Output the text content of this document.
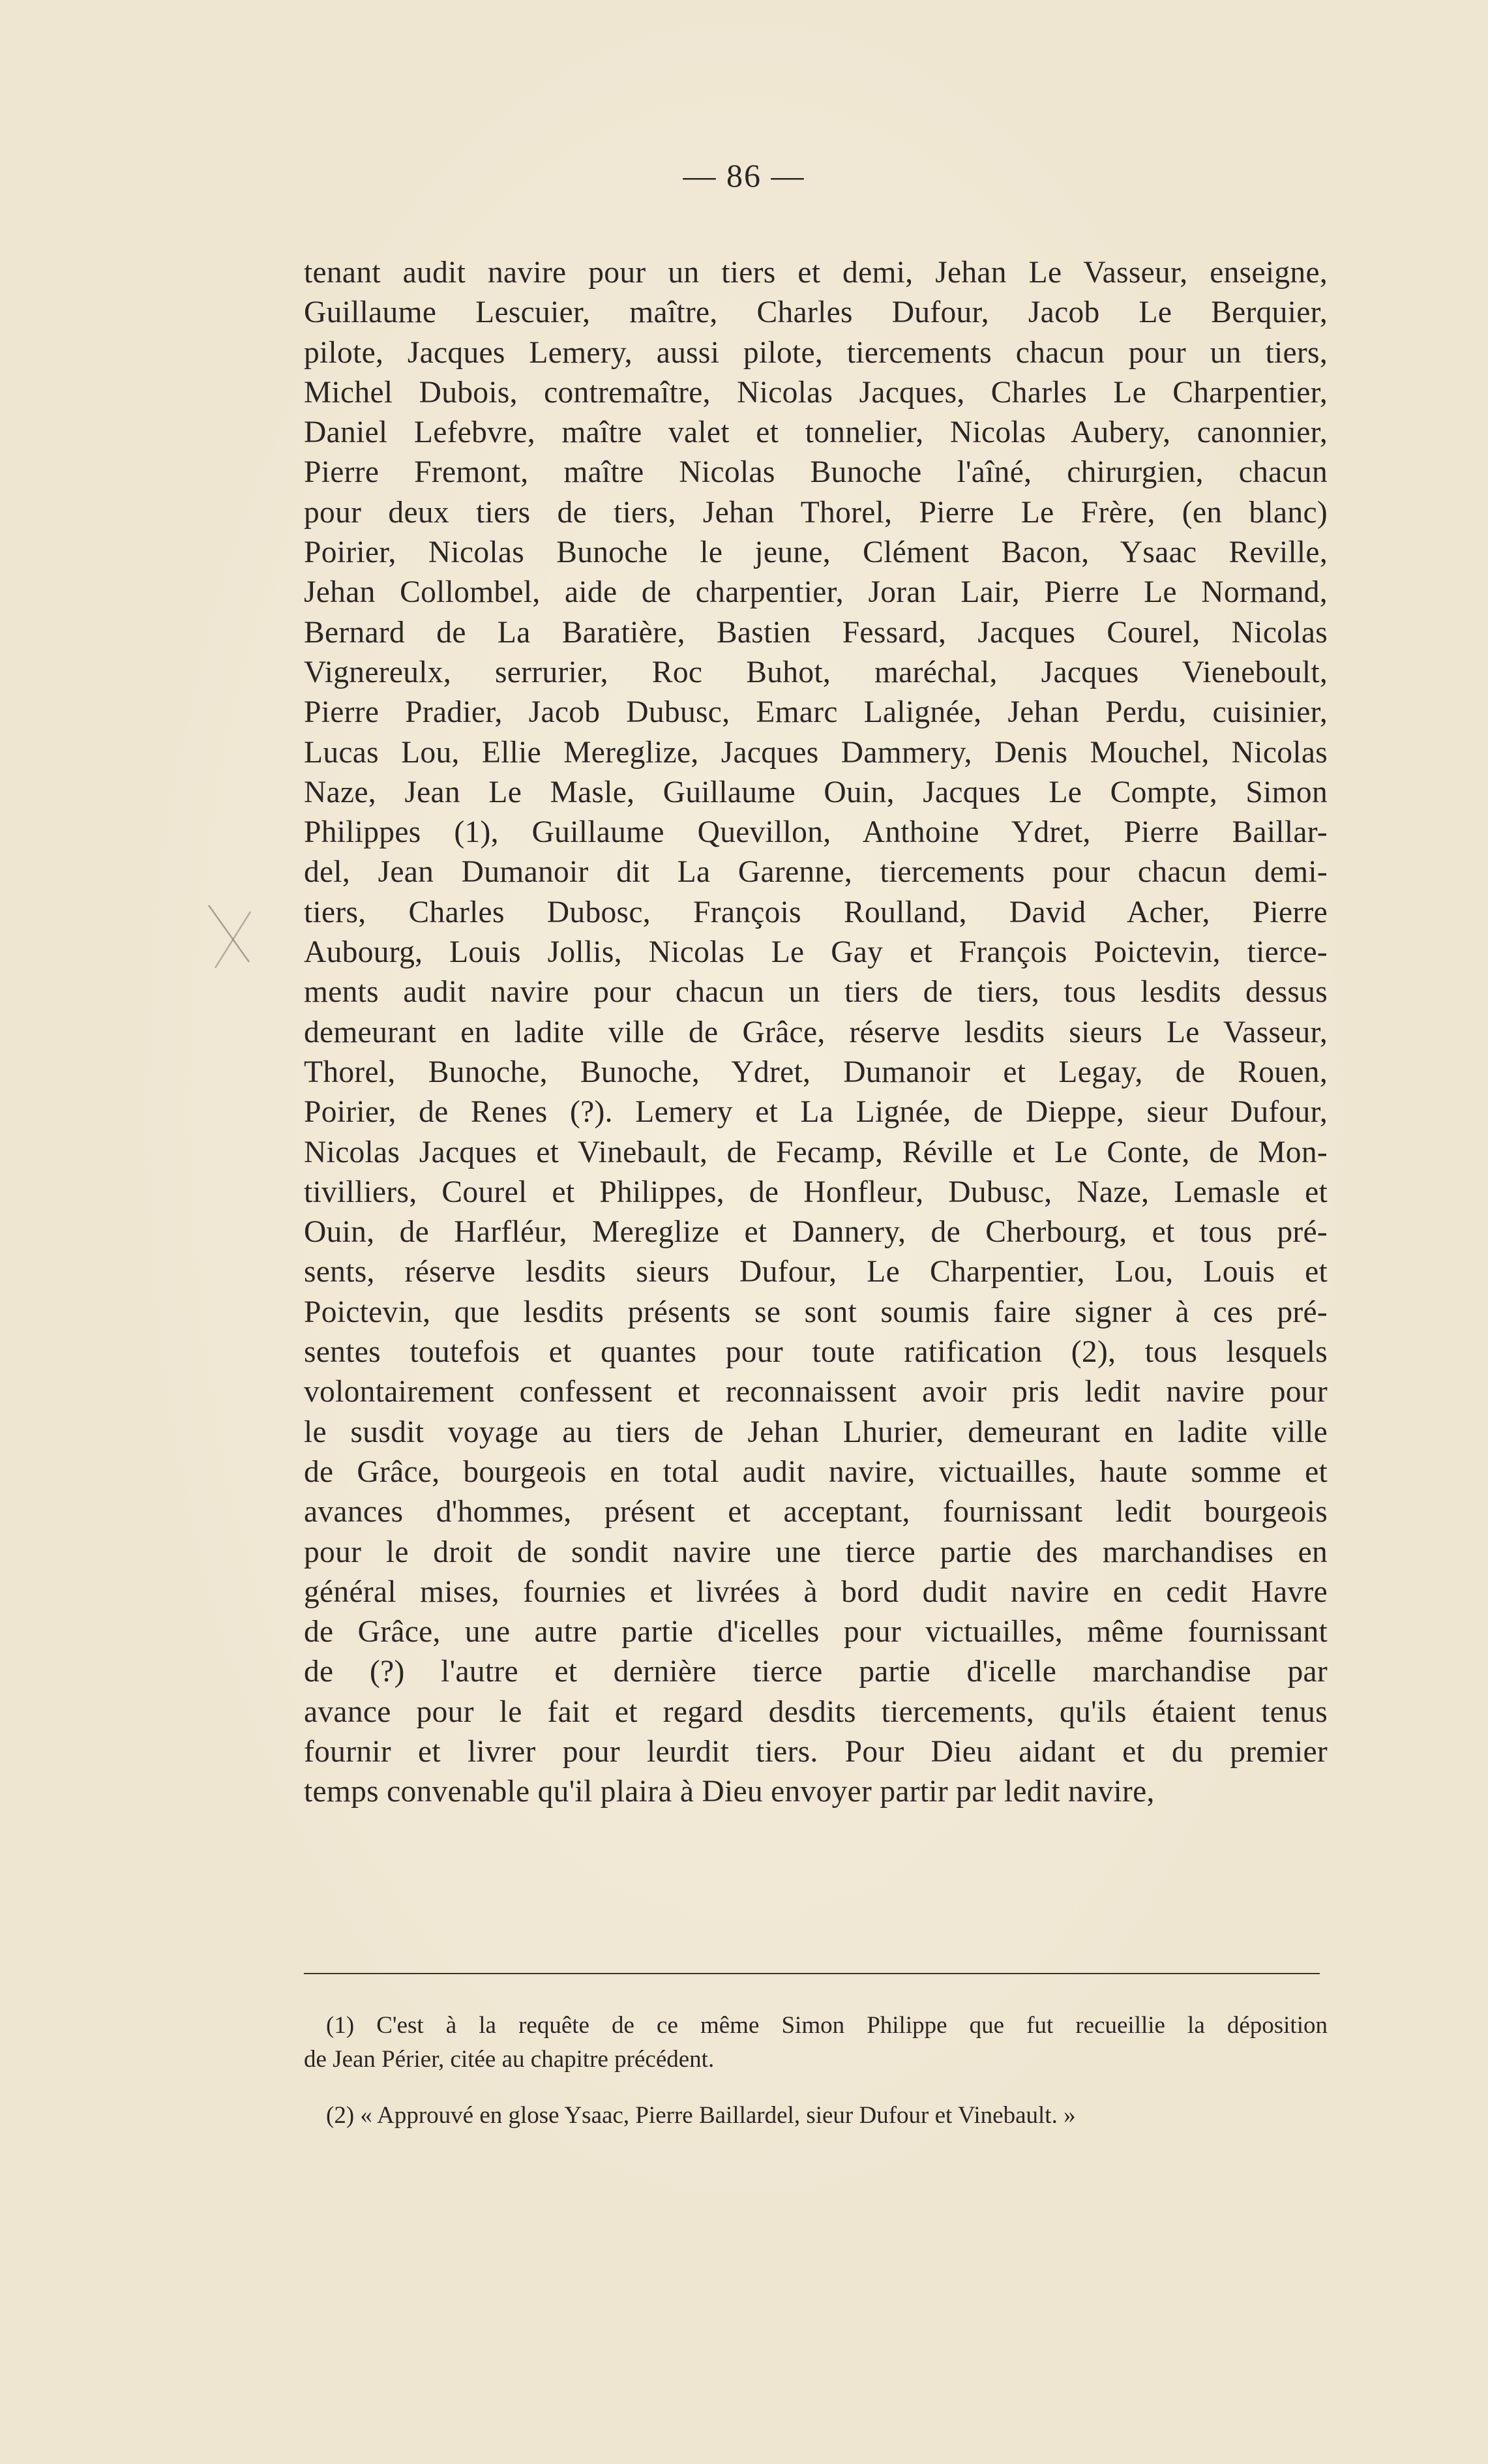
— 86 —
tenant audit navire pour un tiers et demi, Jehan Le Vasseur, enseigne,
Guillaume Lescuier, maître, Charles Dufour, Jacob Le Berquier,
pilote, Jacques Lemery, aussi pilote, tiercements chacun pour un tiers,
Michel Dubois, contremaître, Nicolas Jacques, Charles Le Charpentier,
Daniel Lefebvre, maître valet et tonnelier, Nicolas Aubery, canonnier,
Pierre Fremont, maître Nicolas Bunoche l'aîné, chirurgien, chacun
pour deux tiers de tiers, Jehan Thorel, Pierre Le Frère, (en blanc)
Poirier, Nicolas Bunoche le jeune, Clément Bacon, Ysaac Reville,
Jehan Collombel, aide de charpentier, Joran Lair, Pierre Le Normand,
Bernard de La Baratière, Bastien Fessard, Jacques Courel, Nicolas
Vignereulx, serrurier, Roc Buhot, maréchal, Jacques Vieneboult,
Pierre Pradier, Jacob Dubusc, Emarc Lalignée, Jehan Perdu, cuisinier,
Lucas Lou, Ellie Mereglize, Jacques Dammery, Denis Mouchel, Nicolas
Naze, Jean Le Masle, Guillaume Ouin, Jacques Le Compte, Simon
Philippes (1), Guillaume Quevillon, Anthoine Ydret, Pierre Baillar-
del, Jean Dumanoir dit La Garenne, tiercements pour chacun demi-
tiers, Charles Dubosc, François Roulland, David Acher, Pierre
Aubourg, Louis Jollis, Nicolas Le Gay et François Poictevin, tierce-
ments audit navire pour chacun un tiers de tiers, tous lesdits dessus
demeurant en ladite ville de Grâce, réserve lesdits sieurs Le Vasseur,
Thorel, Bunoche, Bunoche, Ydret, Dumanoir et Legay, de Rouen,
Poirier, de Renes (?). Lemery et La Lignée, de Dieppe, sieur Dufour,
Nicolas Jacques et Vinebault, de Fecamp, Réville et Le Conte, de Mon-
tivilliers, Courel et Philippes, de Honfleur, Dubusc, Naze, Lemasle et
Ouin, de Harfléur, Mereglize et Dannery, de Cherbourg, et tous pré-
sents, réserve lesdits sieurs Dufour, Le Charpentier, Lou, Louis et
Poictevin, que lesdits présents se sont soumis faire signer à ces pré-
sentes toutefois et quantes pour toute ratification (2), tous lesquels
volontairement confessent et reconnaissent avoir pris ledit navire pour
le susdit voyage au tiers de Jehan Lhurier, demeurant en ladite ville
de Grâce, bourgeois en total audit navire, victuailles, haute somme et
avances d'hommes, présent et acceptant, fournissant ledit bourgeois
pour le droit de sondit navire une tierce partie des marchandises en
général mises, fournies et livrées à bord dudit navire en cedit Havre
de Grâce, une autre partie d'icelles pour victuailles, même fournissant
de (?) l'autre et dernière tierce partie d'icelle marchandise par
avance pour le fait et regard desdits tiercements, qu'ils étaient tenus
fournir et livrer pour leurdit tiers. Pour Dieu aidant et du premier
temps convenable qu'il plaira à Dieu envoyer partir par ledit navire,
(1) C'est à la requête de ce même Simon Philippe que fut recueillie la déposition
de Jean Périer, citée au chapitre précédent.
(2) « Approuvé en glose Ysaac, Pierre Baillardel, sieur Dufour et Vinebault. »
